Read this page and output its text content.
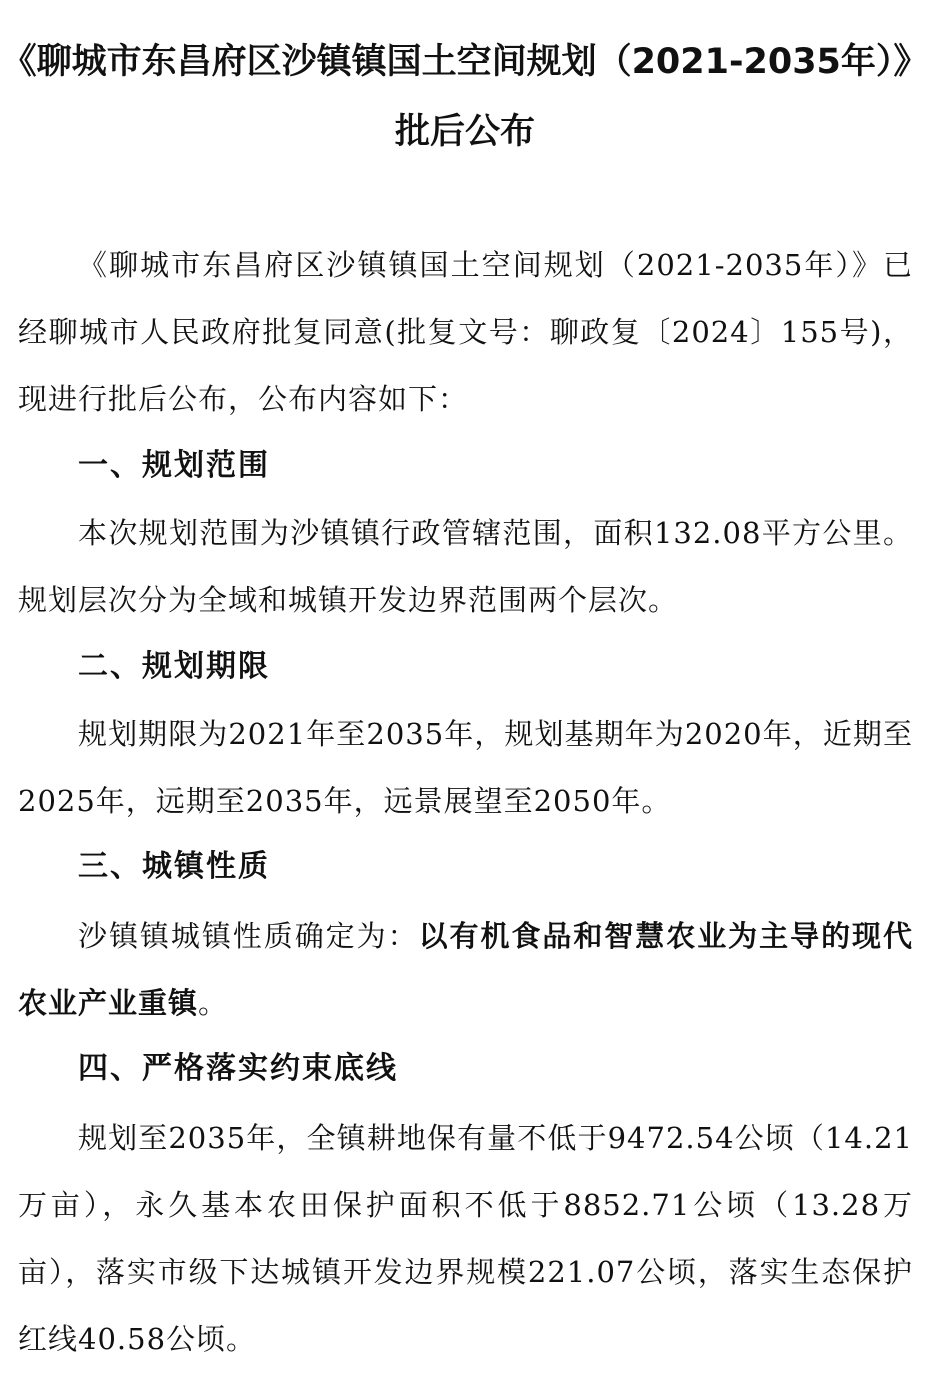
《聊城市东昌府区沙镇镇国土空间规划（2021-2035年）》
批后公布

《聊城市东昌府区沙镇镇国土空间规划（2021-2035年）》已经聊城市人民政府批复同意(批复文号：聊政复〔2024〕155号)，现进行批后公布，公布内容如下：

一、规划范围

本次规划范围为沙镇镇行政管辖范围，面积132.08平方公里。规划层次分为全域和城镇开发边界范围两个层次。

二、规划期限

规划期限为2021年至2035年，规划基期年为2020年，近期至2025年，远期至2035年，远景展望至2050年。

三、城镇性质

沙镇镇城镇性质确定为：以有机食品和智慧农业为主导的现代农业产业重镇。

四、严格落实约束底线

规划至2035年，全镇耕地保有量不低于9472.54公顷（14.21万亩），永久基本农田保护面积不低于8852.71公顷（13.28万亩），落实市级下达城镇开发边界规模221.07公顷，落实生态保护红线40.58公顷。
